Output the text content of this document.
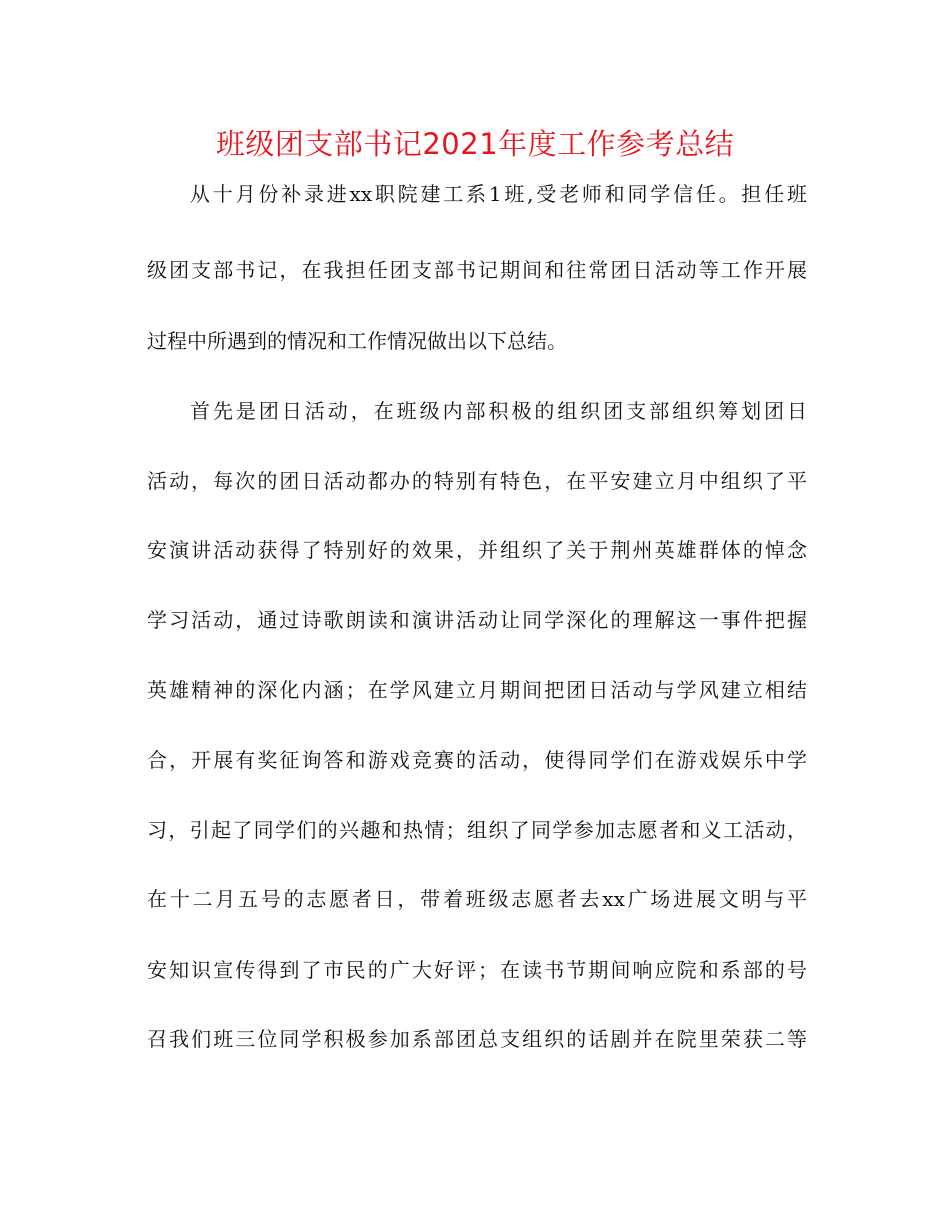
班级团支部书记2021年度工作参考总结
从十月份补录进xx职院建工系1班,受老师和同学信任。担任班
级团支部书记，在我担任团支部书记期间和往常团日活动等工作开展
过程中所遇到的情况和工作情况做出以下总结。
首先是团日活动，在班级内部积极的组织团支部组织筹划团日
活动，每次的团日活动都办的特别有特色，在平安建立月中组织了平
安演讲活动获得了特别好的效果，并组织了关于荆州英雄群体的悼念
学习活动，通过诗歌朗读和演讲活动让同学深化的理解这一事件把握
英雄精神的深化内涵；在学风建立月期间把团日活动与学风建立相结
合，开展有奖征询答和游戏竞赛的活动，使得同学们在游戏娱乐中学
习，引起了同学们的兴趣和热情；组织了同学参加志愿者和义工活动，
在十二月五号的志愿者日，带着班级志愿者去xx广场进展文明与平
安知识宣传得到了市民的广大好评；在读书节期间响应院和系部的号
召我们班三位同学积极参加系部团总支组织的话剧并在院里荣获二等
